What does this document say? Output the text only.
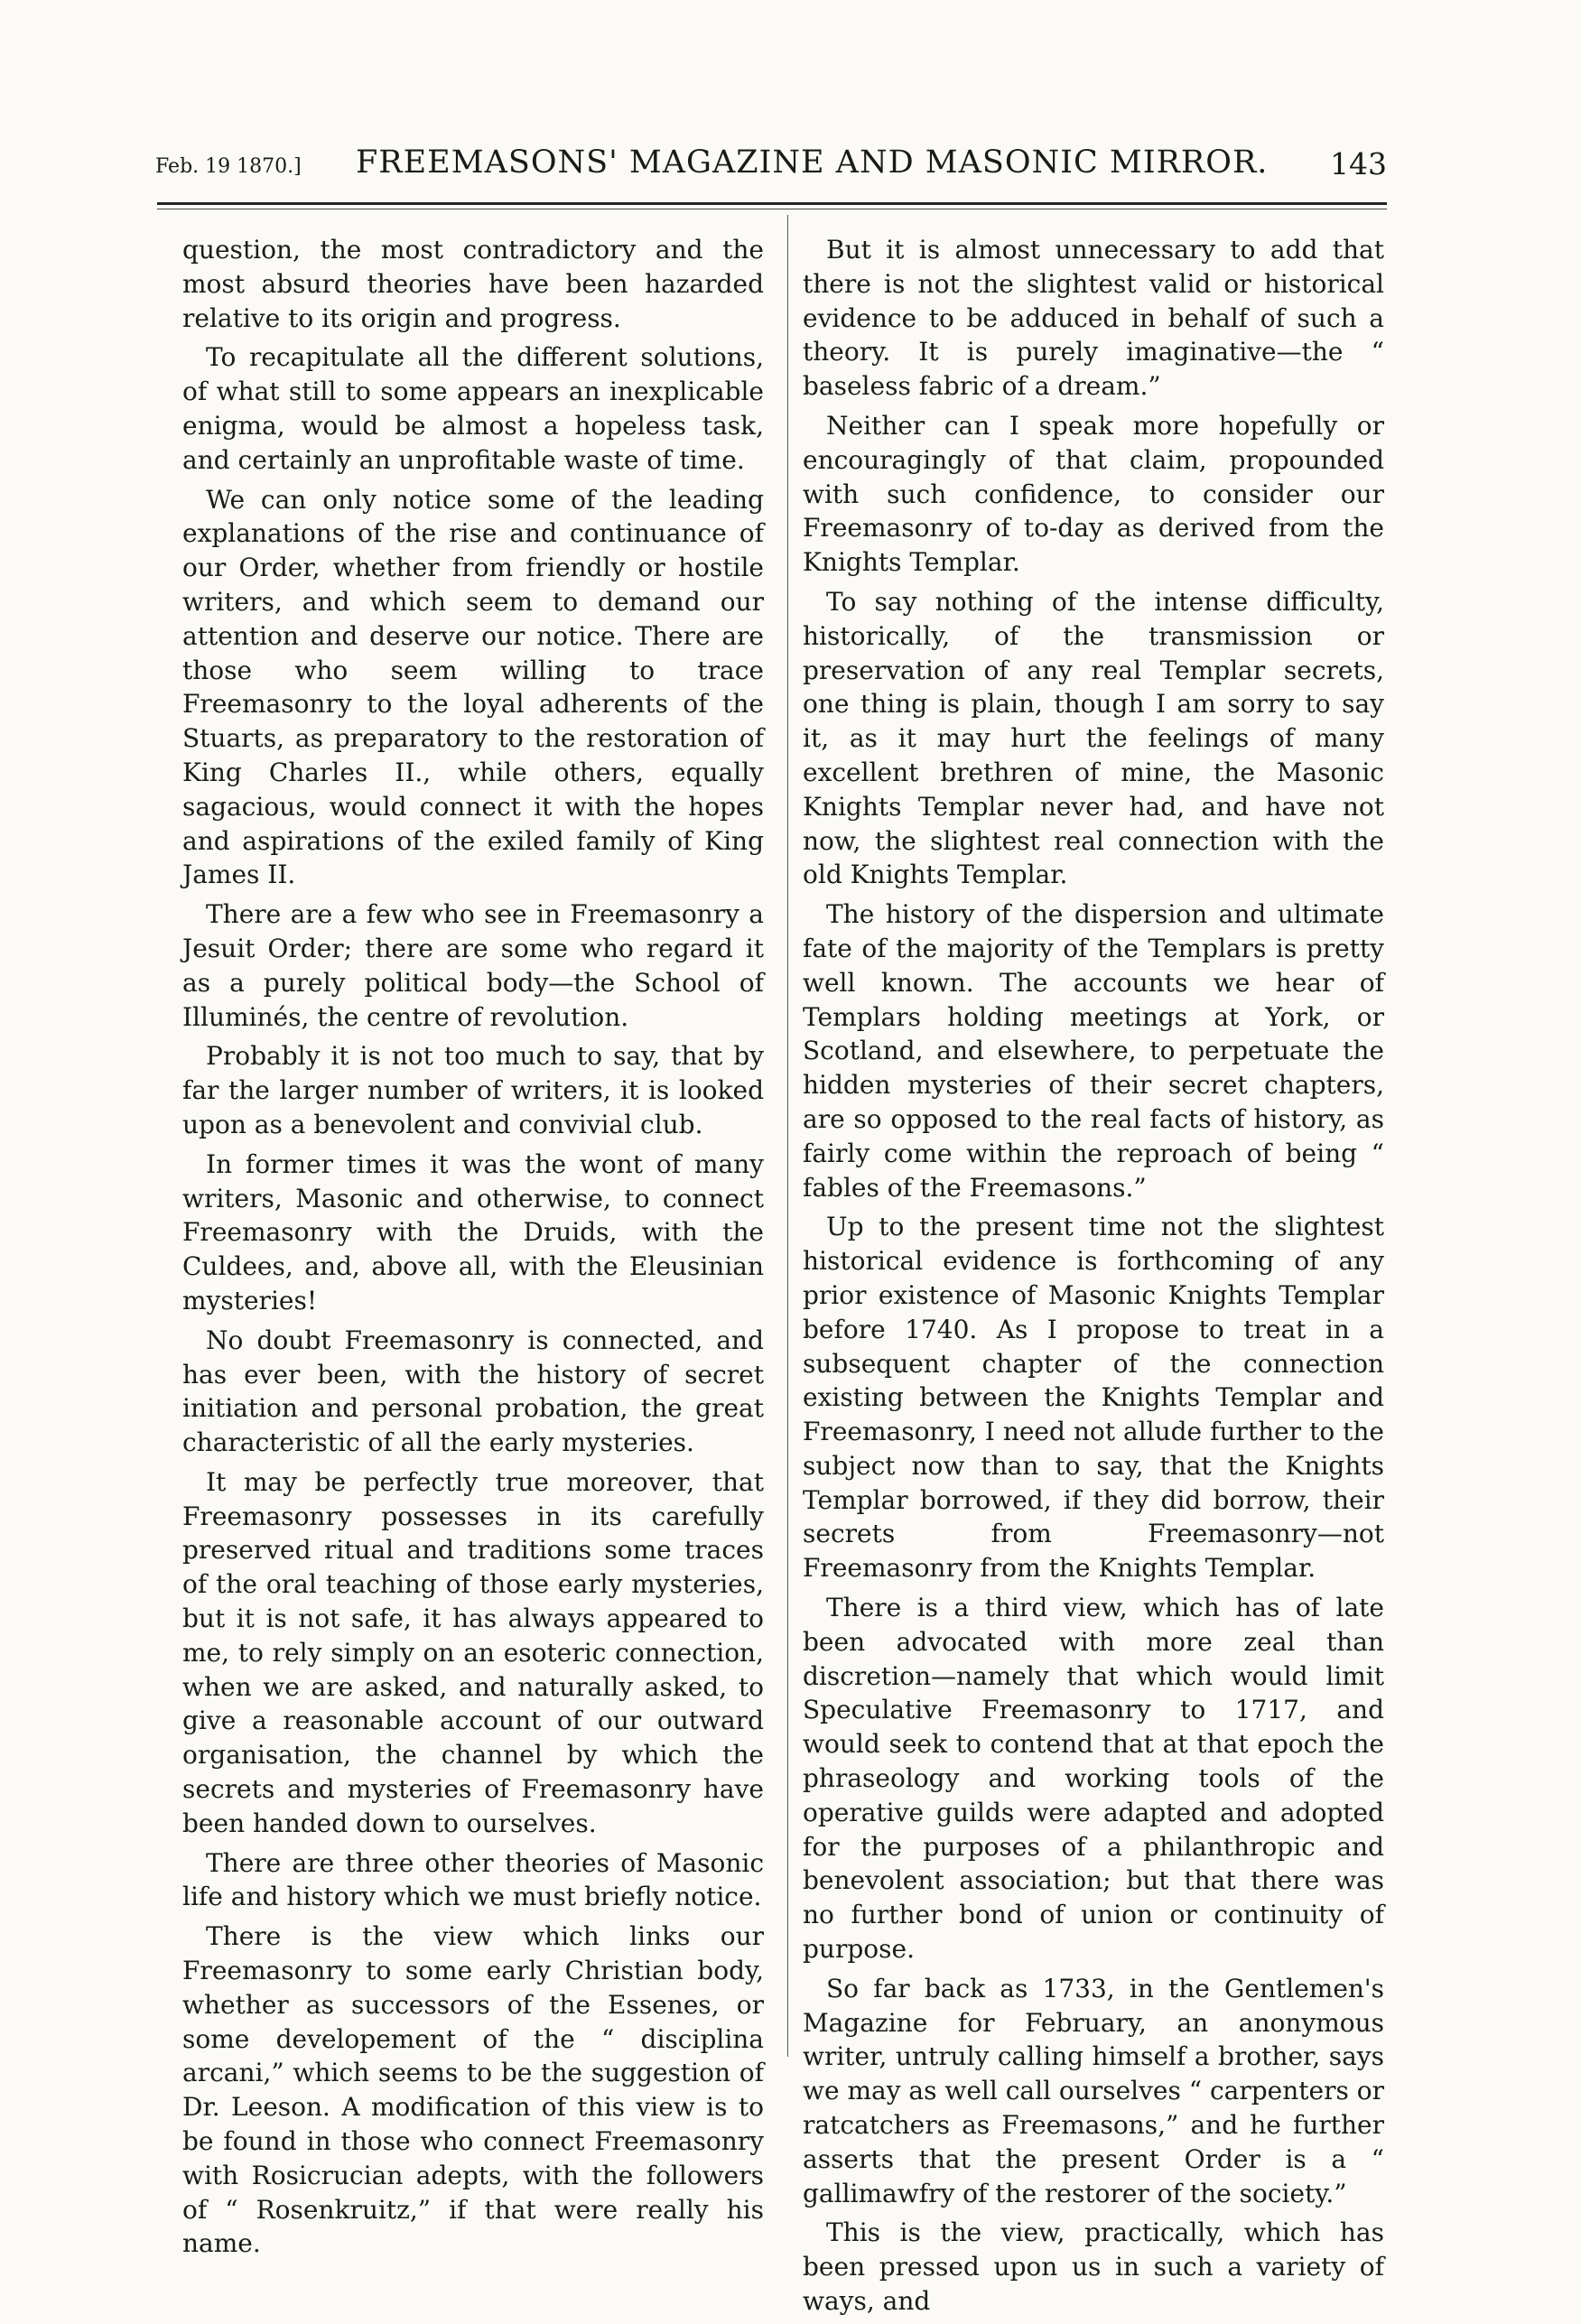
Feb. 19 1870.] FREEMASONS' MAGAZINE AND MASONIC MIRROR. 143

question, the most contradictory and the most absurd theories have been hazarded relative to its origin and progress.

To recapitulate all the different solutions, of what still to some appears an inexplicable enigma, would be almost a hopeless task, and certainly an unprofitable waste of time.

We can only notice some of the leading explanations of the rise and continuance of our Order, whether from friendly or hostile writers, and which seem to demand our attention and deserve our notice. There are those who seem willing to trace Freemasonry to the loyal adherents of the Stuarts, as preparatory to the restoration of King Charles II., while others, equally sagacious, would connect it with the hopes and aspirations of the exiled family of King James II.

There are a few who see in Freemasonry a Jesuit Order; there are some who regard it as a purely political body—the School of Illuminés, the centre of revolution.

Probably it is not too much to say, that by far the larger number of writers, it is looked upon as a benevolent and convivial club.

In former times it was the wont of many writers, Masonic and otherwise, to connect Freemasonry with the Druids, with the Culdees, and, above all, with the Eleusinian mysteries!

No doubt Freemasonry is connected, and has ever been, with the history of secret initiation and personal probation, the great characteristic of all the early mysteries.

It may be perfectly true moreover, that Freemasonry possesses in its carefully preserved ritual and traditions some traces of the oral teaching of those early mysteries, but it is not safe, it has always appeared to me, to rely simply on an esoteric connection, when we are asked, and naturally asked, to give a reasonable account of our outward organisation, the channel by which the secrets and mysteries of Freemasonry have been handed down to ourselves.

There are three other theories of Masonic life and history which we must briefly notice.

There is the view which links our Freemasonry to some early Christian body, whether as successors of the Essenes, or some developement of the “ disciplina arcani,” which seems to be the suggestion of Dr. Leeson. A modification of this view is to be found in those who connect Freemasonry with Rosicrucian adepts, with the followers of “ Rosenkruitz,” if that were really his name.

But it is almost unnecessary to add that there is not the slightest valid or historical evidence to be adduced in behalf of such a theory. It is purely imaginative—the “ baseless fabric of a dream.”

Neither can I speak more hopefully or encouragingly of that claim, propounded with such confidence, to consider our Freemasonry of to-day as derived from the Knights Templar.

To say nothing of the intense difficulty, historically, of the transmission or preservation of any real Templar secrets, one thing is plain, though I am sorry to say it, as it may hurt the feelings of many excellent brethren of mine, the Masonic Knights Templar never had, and have not now, the slightest real connection with the old Knights Templar.

The history of the dispersion and ultimate fate of the majority of the Templars is pretty well known. The accounts we hear of Templars holding meetings at York, or Scotland, and elsewhere, to perpetuate the hidden mysteries of their secret chapters, are so opposed to the real facts of history, as fairly come within the reproach of being “ fables of the Freemasons.”

Up to the present time not the slightest historical evidence is forthcoming of any prior existence of Masonic Knights Templar before 1740. As I propose to treat in a subsequent chapter of the connection existing between the Knights Templar and Freemasonry, I need not allude further to the subject now than to say, that the Knights Templar borrowed, if they did borrow, their secrets from Freemasonry—not Freemasonry from the Knights Templar.

There is a third view, which has of late been advocated with more zeal than discretion—namely that which would limit Speculative Freemasonry to 1717, and would seek to contend that at that epoch the phraseology and working tools of the operative guilds were adapted and adopted for the purposes of a philanthropic and benevolent association; but that there was no further bond of union or continuity of purpose.

So far back as 1733, in the Gentlemen's Magazine for February, an anonymous writer, untruly calling himself a brother, says we may as well call ourselves “ carpenters or ratcatchers as Freemasons,” and he further asserts that the present Order is a “ gallimawfry of the restorer of the society.”

This is the view, practically, which has been pressed upon us in such a variety of ways, and
